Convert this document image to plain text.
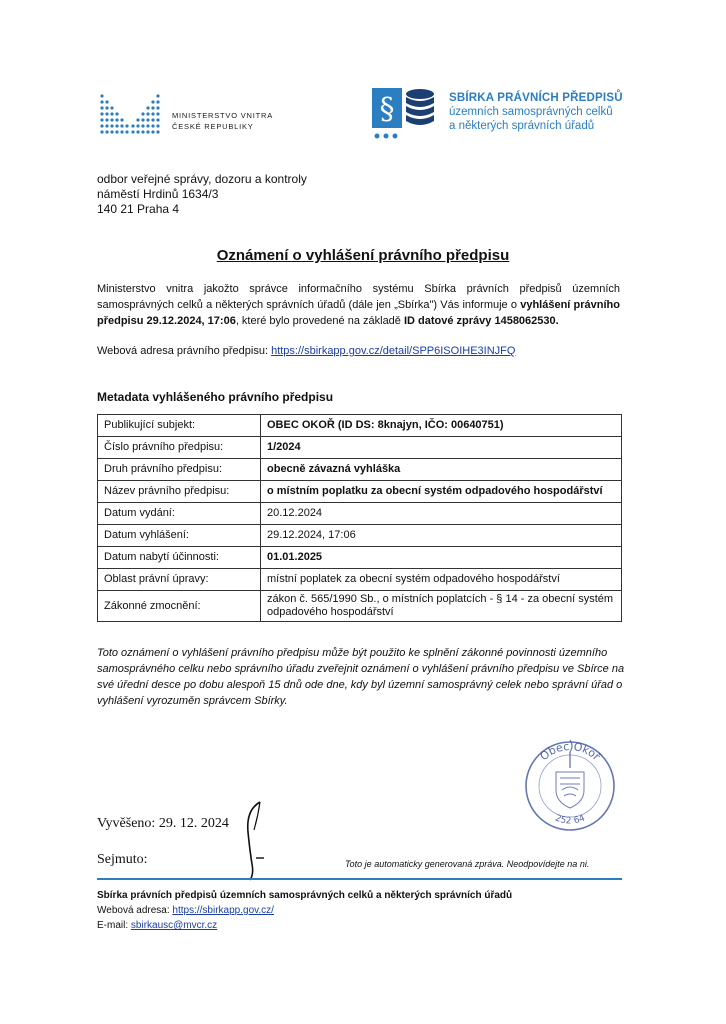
MINISTERSTVO VNITRA
ČESKÉ REPUBLIKY	§	SBÍRKA PRÁVNÍCH PŘEDPISŮ
územních samosprávných celků
a některých správních úřadů
odbor veřejné správy, dozoru a kontroly
náměstí Hrdinů 1634/3
140 21 Praha 4
Oznámení o vyhlášení právního předpisu
Ministerstvo vnitra jakožto správce informačního systému Sbírka právních předpisů územních samosprávných celků a některých správních úřadů (dále jen „Sbírka") Vás informuje o vyhlášení právního předpisu 29.12.2024, 17:06, které bylo provedené na základě ID datové zprávy 1458062530.
Webová adresa právního předpisu: https://sbirkapp.gov.cz/detail/SPP6ISOIHE3INJFQ
Metadata vyhlášeného právního předpisu
Publikující subjekt:	OBEC OKOŘ (ID DS: 8knajyn, IČO: 00640751)
Číslo právního předpisu:	1/2024
Druh právního předpisu:	obecně závazná vyhláška
Název právního předpisu:	o místním poplatku za obecní systém odpadového hospodářství
Datum vydání:	20.12.2024
Datum vyhlášení:	29.12.2024, 17:06
Datum nabytí účinnosti:	01.01.2025
Oblast právní úpravy:	místní poplatek za obecní systém odpadového hospodářství
Zákonné zmocnění:	zákon č. 565/1990 Sb., o místních poplatcích - § 14 - za obecní systém odpadového hospodářství
Toto oznámení o vyhlášení právního předpisu může být použito ke splnění zákonné povinnosti územního samosprávného celku nebo správního úřadu zveřejnit oznámení o vyhlášení právního předpisu ve Sbírce na své úřední desce po dobu alespoň 15 dnů ode dne, kdy byl územní samosprávný celek nebo správní úřad o vyhlášení vyrozuměn správcem Sbírky.
Obec Okoř
252 64
Vyvěšeno: 29. 12. 2024
Sejmuto:	Toto je automaticky generovaná zpráva. Neodpovídejte na ni.
Sbírka právních předpisů územních samosprávných celků a některých správních úřadů
Webová adresa: https://sbirkapp.gov.cz/
E-mail: sbirkausc@mvcr.cz
